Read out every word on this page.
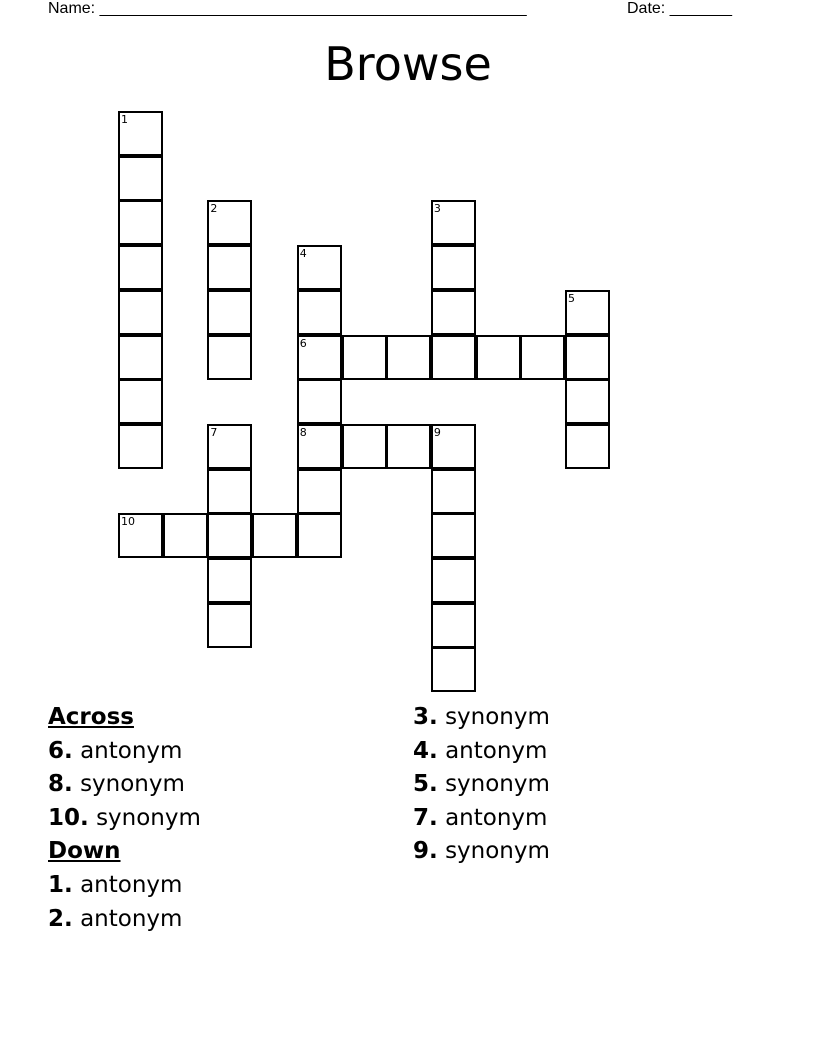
Name: ________________________________________________	Date: _______
Browse
1
2	3
4
6
8
5
7	9
10
Across
6. antonym
8. synonym
10. synonym
Down
1. antonym
2. antonym
3. synonym
4. antonym
5. synonym
7. antonym
9. synonym
